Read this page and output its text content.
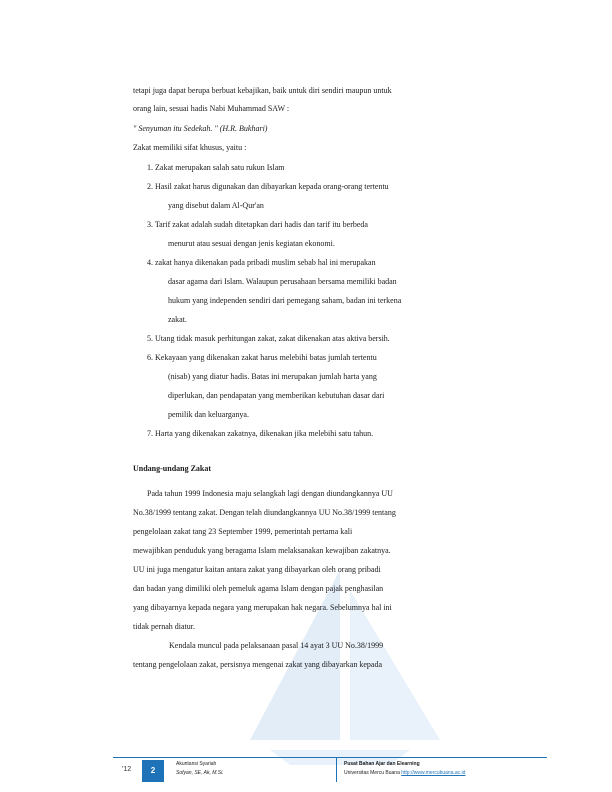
tetapi juga dapat berupa berbuat kebajikan, baik untuk diri sendiri maupun untuk
orang lain, sesuai hadis Nabi Muhammad SAW :
" Senyuman itu Sedekah. " (H.R. Bukhari)
Zakat memiliki sifat khusus, yaitu :
1. Zakat merupakan salah satu rukun Islam
2. Hasil zakat harus digunakan dan dibayarkan kepada orang-orang tertentu
yang disebut dalam Al-Qur'an
3. Tarif zakat adalah sudah ditetapkan dari hadis dan tarif itu berbeda
menurut atau sesuai dengan jenis kegiatan ekonomi.
4. zakat hanya dikenakan pada pribadi muslim sebab hal ini merupakan
dasar agama dari Islam. Walaupun perusahaan bersama memiliki badan
hukum yang independen sendiri dari pemegang saham, badan ini terkena
zakat.
5. Utang tidak masuk perhitungan zakat, zakat dikenakan atas aktiva bersih.
6. Kekayaan yang dikenakan zakat harus melebihi batas jumlah tertentu
(nisab) yang diatur hadis. Batas ini merupakan jumlah harta yang
diperlukan, dan pendapatan yang memberikan kebutuhan dasar dari
pemilik dan keluarganya.
7. Harta yang dikenakan zakatnya, dikenakan jika melebihi satu tahun.
Undang-undang Zakat
Pada tahun 1999 Indonesia maju selangkah lagi dengan diundangkannya UU
No.38/1999 tentang zakat. Dengan telah diundangkannya UU No.38/1999 tentang
pengelolaan zakat tang 23 September 1999, pemerintah pertama kali
mewajibkan penduduk yang beragama Islam melaksanakan kewajiban zakatnya.
UU ini juga mengatur kaitan antara zakat yang dibayarkan oleh orang pribadi
dan badan yang dimiliki oleh pemeluk agama Islam dengan pajak penghasilan
yang dibayarnya kepada negara yang merupakan hak negara. Sebelumnya hal ini
tidak pernah diatur.
Kendala muncul pada pelaksanaan pasal 14 ayat 3 UU No.38/1999
tentang pengelolaan zakat, persisnya mengenai zakat yang dibayarkan kepada
'12	2
Akuntansi Syariah
Sofyan, SE, Ak, M.Si.
Pusat Bahan Ajar dan Elearning
Universitas Mercu Buana http://www.mercubuana.ac.id
